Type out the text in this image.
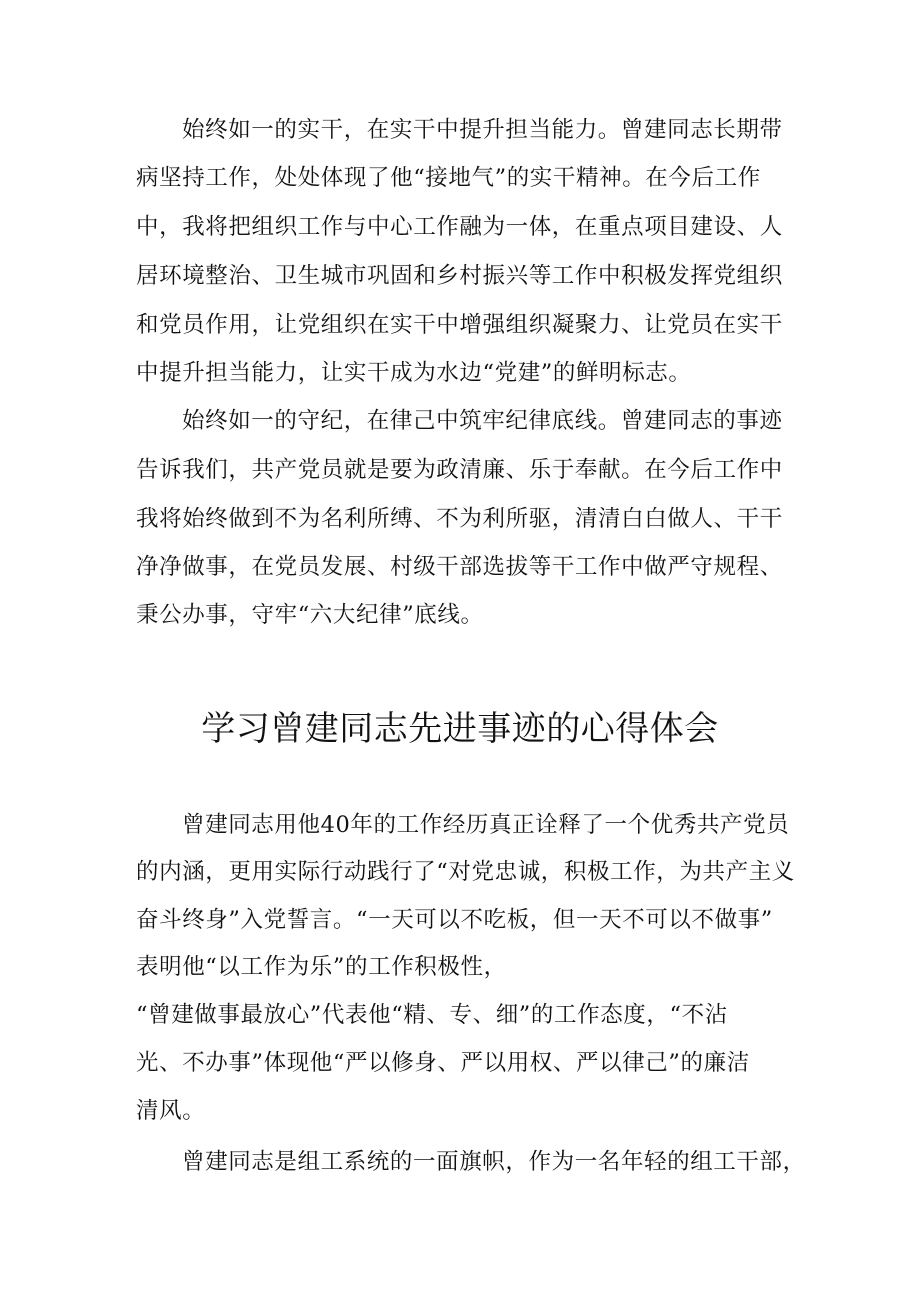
始终如一的实干，在实干中提升担当能力。曾建同志长期带
病坚持工作，处处体现了他“接地气”的实干精神。在今后工作
中，我将把组织工作与中心工作融为一体，在重点项目建设、人
居环境整治、卫生城市巩固和乡村振兴等工作中积极发挥党组织
和党员作用，让党组织在实干中增强组织凝聚力、让党员在实干
中提升担当能力，让实干成为水边“党建”的鲜明标志。
始终如一的守纪，在律己中筑牢纪律底线。曾建同志的事迹
告诉我们，共产党员就是要为政清廉、乐于奉献。在今后工作中
我将始终做到不为名利所缚、不为利所驱，清清白白做人、干干
净净做事，在党员发展、村级干部选拔等干工作中做严守规程、
秉公办事，守牢“六大纪律”底线。
学习曾建同志先进事迹的心得体会
曾建同志用他40年的工作经历真正诠释了一个优秀共产党员
的内涵，更用实际行动践行了“对党忠诚，积极工作，为共产主义
奋斗终身”入党誓言。“一天可以不吃板，但一天不可以不做事”
表明他“以工作为乐”的工作积极性，
“曾建做事最放心”代表他“精、专、细”的工作态度，“不沾
光、不办事”体现他“严以修身、严以用权、严以律己”的廉洁
清风。
曾建同志是组工系统的一面旗帜，作为一名年轻的组工干部，
